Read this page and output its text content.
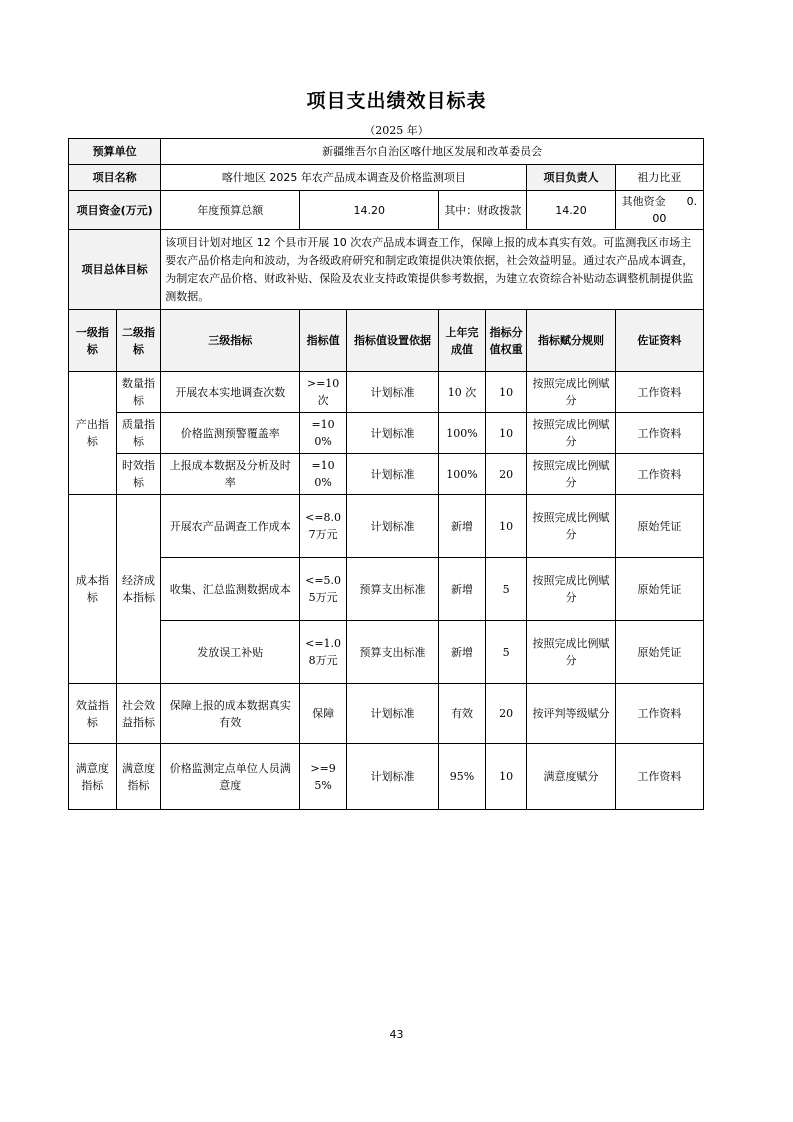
项目支出绩效目标表
（2025 年）
预算单位		新疆维吾尔自治区喀什地区发展和改革委员会						
项目名称		喀什地区 2025 年农产品成本调查及价格监测项目					项目负责人	祖力比亚
项目资金(万元)		年度预算总额	14.20		其中：财政拨款		14.20	其他资金 0.00
项目总体目标		该项目计划对地区 12 个县市开展 10 次农产品成本调查工作，保障上报的成本真实有效。可监测我区市场主要农产品价格走向和波动，为各级政府研究和制定政策提供决策依据，社会效益明显。通过农产品成本调查，为制定农产品价格、财政补贴、保险及农业支持政策提供参考数据，为建立农资综合补贴动态调整机制提供监测数据。						
一级指标	二级指标	三级指标	指标值	指标值设置依据	上年完成值	指标分值权重	指标赋分规则	佐证资料
产出指标	数量指标	开展农本实地调查次数	>=10次	计划标准	10 次	10	按照完成比例赋分	工作资料
	质量指标	价格监测预警覆盖率	=100%	计划标准	100%	10	按照完成比例赋分	工作资料
	时效指标	上报成本数据及分析及时率	=100%	计划标准	100%	20	按照完成比例赋分	工作资料
成本指标	经济成本指标	开展农产品调查工作成本	<=8.07万元	计划标准	新增	10	按照完成比例赋分	原始凭证
		收集、汇总监测数据成本	<=5.05万元	预算支出标准	新增	5	按照完成比例赋分	原始凭证
		发放误工补贴	<=1.08万元	预算支出标准	新增	5	按照完成比例赋分	原始凭证
效益指标	社会效益指标	保障上报的成本数据真实有效	保障	计划标准	有效	20	按评判等级赋分	工作资料
满意度指标	满意度指标	价格监测定点单位人员满意度	>=95%	计划标准	95%	10	满意度赋分	工作资料
43
